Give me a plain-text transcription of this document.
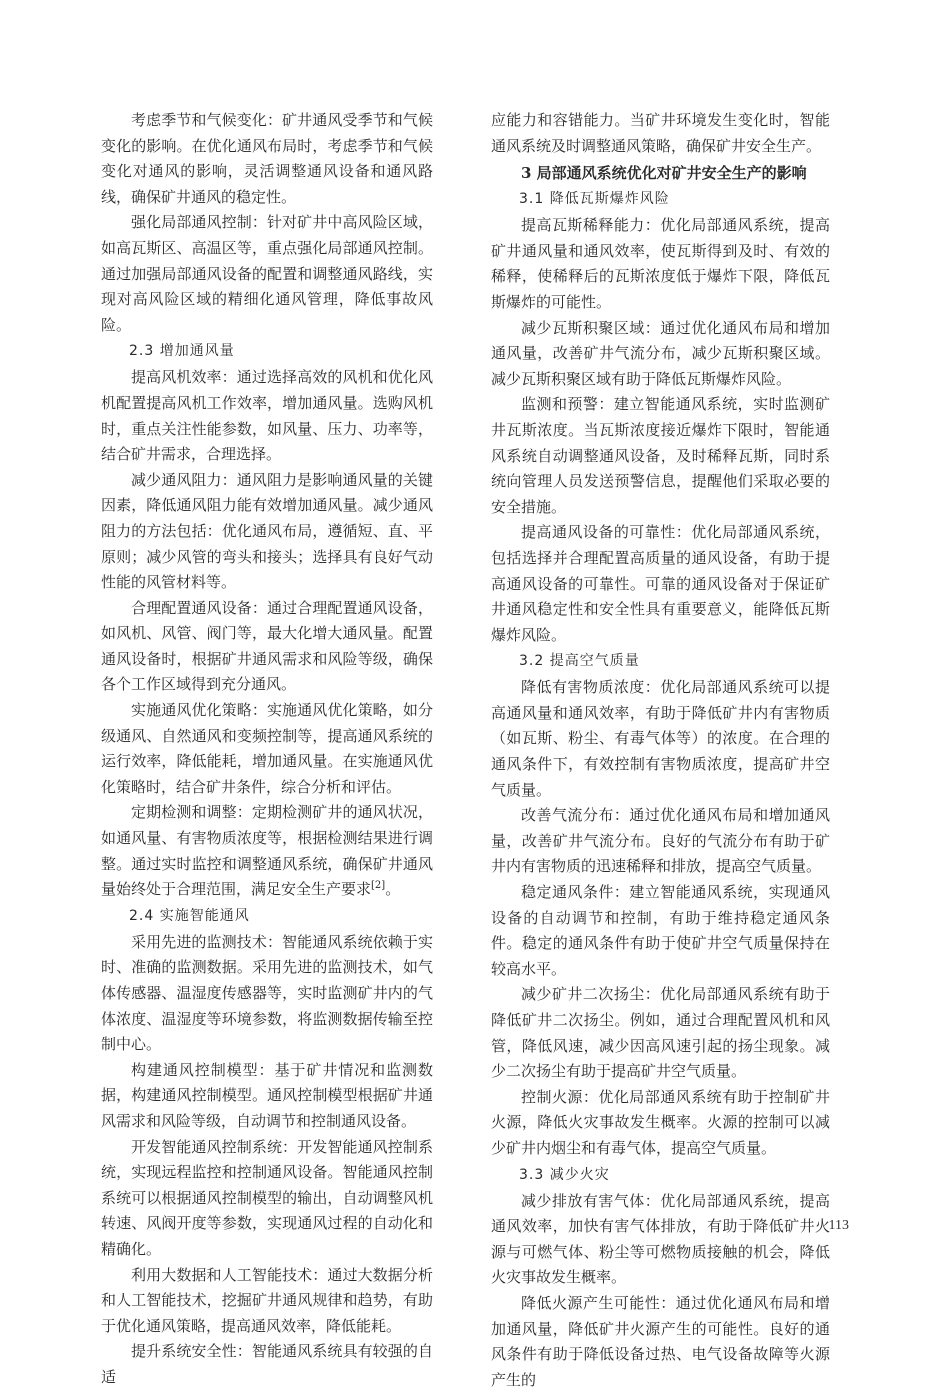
考虑季节和气候变化：矿井通风受季节和气候变化的影响。在优化通风布局时，考虑季节和气候变化对通风的影响，灵活调整通风设备和通风路线，确保矿井通风的稳定性。

强化局部通风控制：针对矿井中高风险区域，如高瓦斯区、高温区等，重点强化局部通风控制。通过加强局部通风设备的配置和调整通风路线，实现对高风险区域的精细化通风管理，降低事故风险。

2.3 增加通风量

提高风机效率：通过选择高效的风机和优化风机配置提高风机工作效率，增加通风量。选购风机时，重点关注性能参数，如风量、压力、功率等，结合矿井需求，合理选择。

减少通风阻力：通风阻力是影响通风量的关键因素，降低通风阻力能有效增加通风量。减少通风阻力的方法包括：优化通风布局，遵循短、直、平原则；减少风管的弯头和接头；选择具有良好气动性能的风管材料等。

合理配置通风设备：通过合理配置通风设备，如风机、风管、阀门等，最大化增大通风量。配置通风设备时，根据矿井通风需求和风险等级，确保各个工作区域得到充分通风。

实施通风优化策略：实施通风优化策略，如分级通风、自然通风和变频控制等，提高通风系统的运行效率，降低能耗，增加通风量。在实施通风优化策略时，结合矿井条件，综合分析和评估。

定期检测和调整：定期检测矿井的通风状况，如通风量、有害物质浓度等，根据检测结果进行调整。通过实时监控和调整通风系统，确保矿井通风量始终处于合理范围，满足安全生产要求[2]。

2.4 实施智能通风

采用先进的监测技术：智能通风系统依赖于实时、准确的监测数据。采用先进的监测技术，如气体传感器、温湿度传感器等，实时监测矿井内的气体浓度、温湿度等环境参数，将监测数据传输至控制中心。

构建通风控制模型：基于矿井情况和监测数据，构建通风控制模型。通风控制模型根据矿井通风需求和风险等级，自动调节和控制通风设备。

开发智能通风控制系统：开发智能通风控制系统，实现远程监控和控制通风设备。智能通风控制系统可以根据通风控制模型的输出，自动调整风机转速、风阀开度等参数，实现通风过程的自动化和精确化。

利用大数据和人工智能技术：通过大数据分析和人工智能技术，挖掘矿井通风规律和趋势，有助于优化通风策略，提高通风效率，降低能耗。

提升系统安全性：智能通风系统具有较强的自适

应能力和容错能力。当矿井环境发生变化时，智能通风系统及时调整通风策略，确保矿井安全生产。

3 局部通风系统优化对矿井安全生产的影响
3.1 降低瓦斯爆炸风险

提高瓦斯稀释能力：优化局部通风系统，提高矿井通风量和通风效率，使瓦斯得到及时、有效的稀释，使稀释后的瓦斯浓度低于爆炸下限，降低瓦斯爆炸的可能性。

减少瓦斯积聚区域：通过优化通风布局和增加通风量，改善矿井气流分布，减少瓦斯积聚区域。减少瓦斯积聚区域有助于降低瓦斯爆炸风险。

监测和预警：建立智能通风系统，实时监测矿井瓦斯浓度。当瓦斯浓度接近爆炸下限时，智能通风系统自动调整通风设备，及时稀释瓦斯，同时系统向管理人员发送预警信息，提醒他们采取必要的安全措施。

提高通风设备的可靠性：优化局部通风系统，包括选择并合理配置高质量的通风设备，有助于提高通风设备的可靠性。可靠的通风设备对于保证矿井通风稳定性和安全性具有重要意义，能降低瓦斯爆炸风险。

3.2 提高空气质量

降低有害物质浓度：优化局部通风系统可以提高通风量和通风效率，有助于降低矿井内有害物质（如瓦斯、粉尘、有毒气体等）的浓度。在合理的通风条件下，有效控制有害物质浓度，提高矿井空气质量。

改善气流分布：通过优化通风布局和增加通风量，改善矿井气流分布。良好的气流分布有助于矿井内有害物质的迅速稀释和排放，提高空气质量。

稳定通风条件：建立智能通风系统，实现通风设备的自动调节和控制，有助于维持稳定通风条件。稳定的通风条件有助于使矿井空气质量保持在较高水平。

减少矿井二次扬尘：优化局部通风系统有助于降低矿井二次扬尘。例如，通过合理配置风机和风管，降低风速，减少因高风速引起的扬尘现象。减少二次扬尘有助于提高矿井空气质量。

控制火源：优化局部通风系统有助于控制矿井火源，降低火灾事故发生概率。火源的控制可以减少矿井内烟尘和有毒气体，提高空气质量。

3.3 减少火灾

减少排放有害气体：优化局部通风系统，提高通风效率，加快有害气体排放，有助于降低矿井火源与可燃气体、粉尘等可燃物质接触的机会，降低火灾事故发生概率。

降低火源产生可能性：通过优化通风布局和增加通风量，降低矿井火源产生的可能性。良好的通风条件有助于降低设备过热、电气设备故障等火源产生的

113
